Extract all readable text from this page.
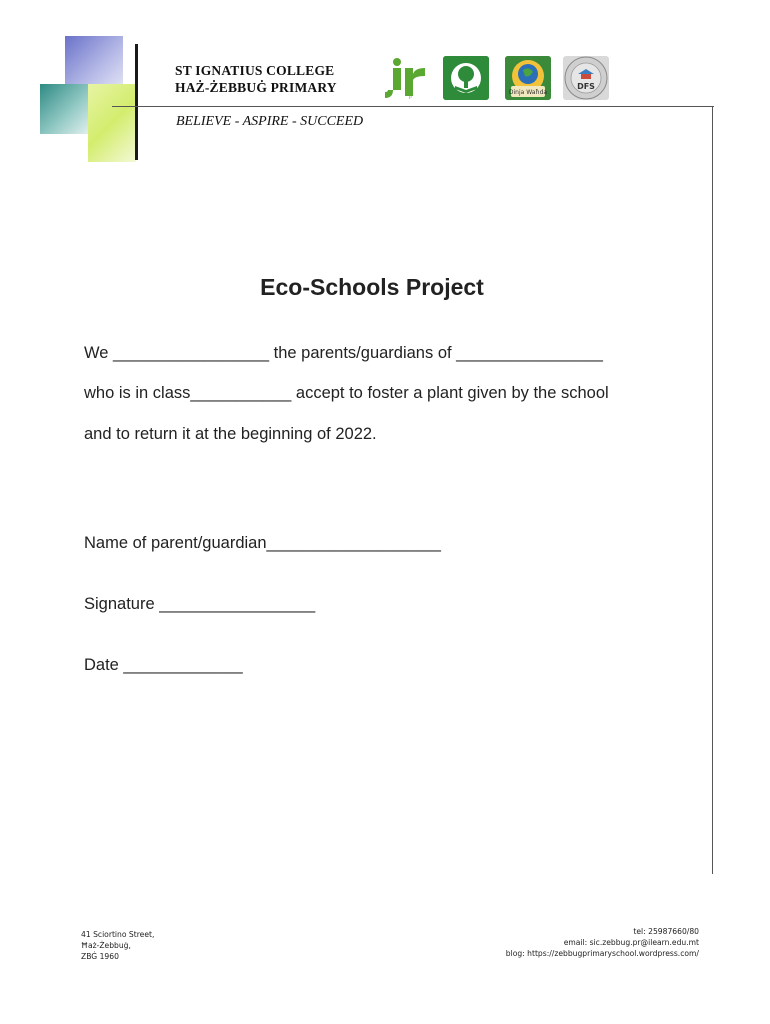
ST IGNATIUS COLLEGE
HAŻ-ŻEBBUĠ PRIMARY
BELIEVE - ASPIRE - SUCCEED
jr
Dinja Waħda
DFS
Eco-Schools Project
We _________________ the parents/guardians of ________________
who is in class___________ accept to foster a plant given by the school
and to return it at the beginning of 2022.
Name of parent/guardian___________________
Signature _________________
Date _____________
41 Sciortino Street,
Ħaż-Żebbuġ,
ZBĠ 1960
tel: 25987660/80
email: sic.zebbug.pr@ilearn.edu.mt
blog: https://zebbugprimaryschool.wordpress.com/
